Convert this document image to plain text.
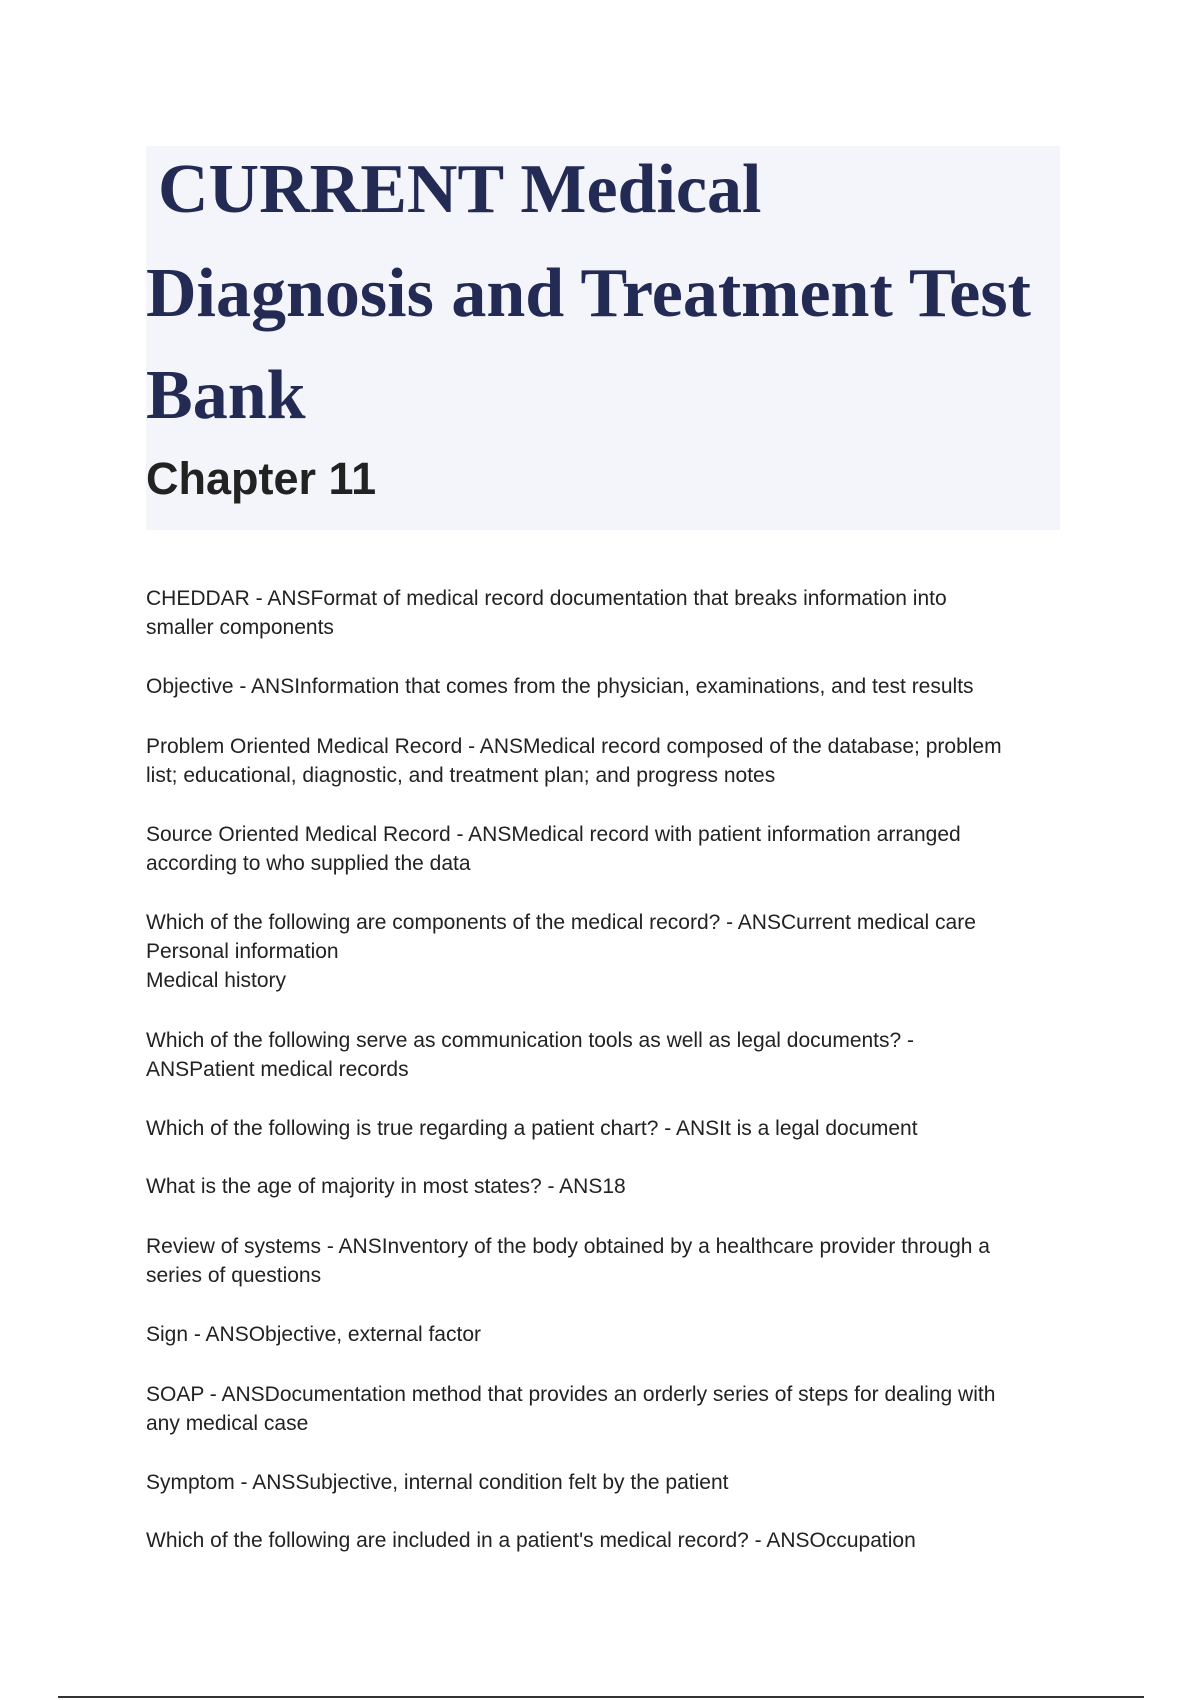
CURRENT Medical
Diagnosis and Treatment Test
Bank
Chapter 11

CHEDDAR - ANSFormat of medical record documentation that breaks information into
smaller components

Objective - ANSInformation that comes from the physician, examinations, and test results

Problem Oriented Medical Record - ANSMedical record composed of the database; problem
list; educational, diagnostic, and treatment plan; and progress notes

Source Oriented Medical Record - ANSMedical record with patient information arranged
according to who supplied the data

Which of the following are components of the medical record? - ANSCurrent medical care
Personal information
Medical history

Which of the following serve as communication tools as well as legal documents? -
ANSPatient medical records

Which of the following is true regarding a patient chart? - ANSIt is a legal document

What is the age of majority in most states? - ANS18

Review of systems - ANSInventory of the body obtained by a healthcare provider through a
series of questions

Sign - ANSObjective, external factor

SOAP - ANSDocumentation method that provides an orderly series of steps for dealing with
any medical case

Symptom - ANSSubjective, internal condition felt by the patient

Which of the following are included in a patient's medical record? - ANSOccupation
